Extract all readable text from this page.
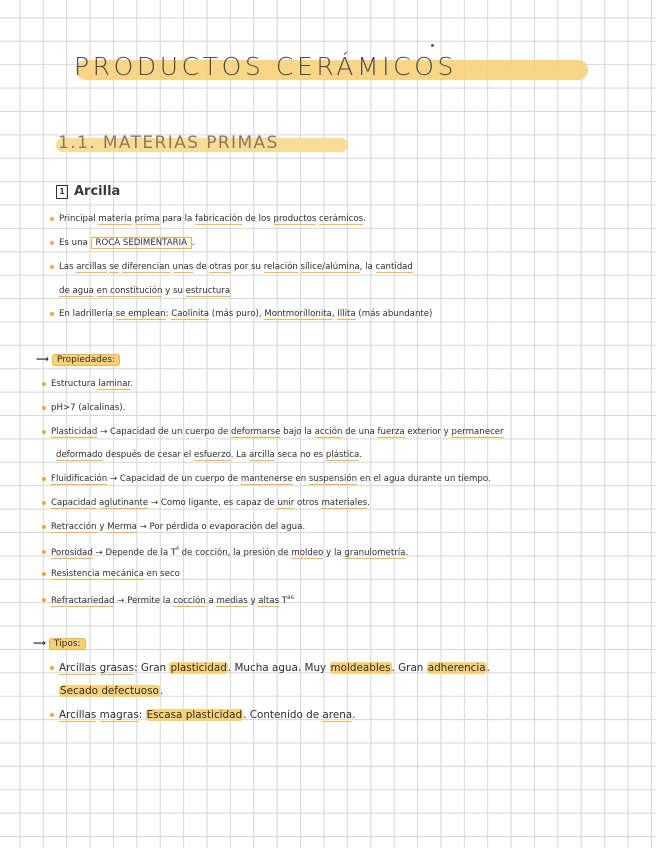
PRODUCTOS CERÁMICOS
1.1. MATERIAS PRIMAS
1 Arcilla
Principal materia prima para la fabricación de los productos cerámicos.
Es una ROCA SEDIMENTARIA .
Las arcillas se diferencian unas de otras por su relación sílice/alúmina, la cantidad
de agua en constitución y su estructura
En ladrillería se emplean: Caolinita (más puro), Montmorillonita, Illita (más abundante)
⟶ Propiedades:
Estructura laminar.
pH>7 (alcalinas).
Plasticidad → Capacidad de un cuerpo de deformarse bajo la acción de una fuerza exterior y permanecer
deformado después de cesar el esfuerzo. La arcilla seca no es plástica.
Fluidificación → Capacidad de un cuerpo de mantenerse en suspensión en el agua durante un tiempo.
Capacidad aglutinante → Como ligante, es capaz de unir otros materiales.
Retracción y Merma → Por pérdida o evaporación del agua.
Porosidad → Depende de la $T^ª$ de cocción, la presión de moldeo y la granulometría.
Resistencia mecánica en seco
Refractariedad → Permite la cocción a medias y altas $T^{as}$
⟶ Tipos:
Arcillas grasas: Gran plasticidad. Mucha agua. Muy moldeables. Gran adherencia.
Secado defectuoso.
Arcillas magras: Escasa plasticidad. Contenido de arena.
